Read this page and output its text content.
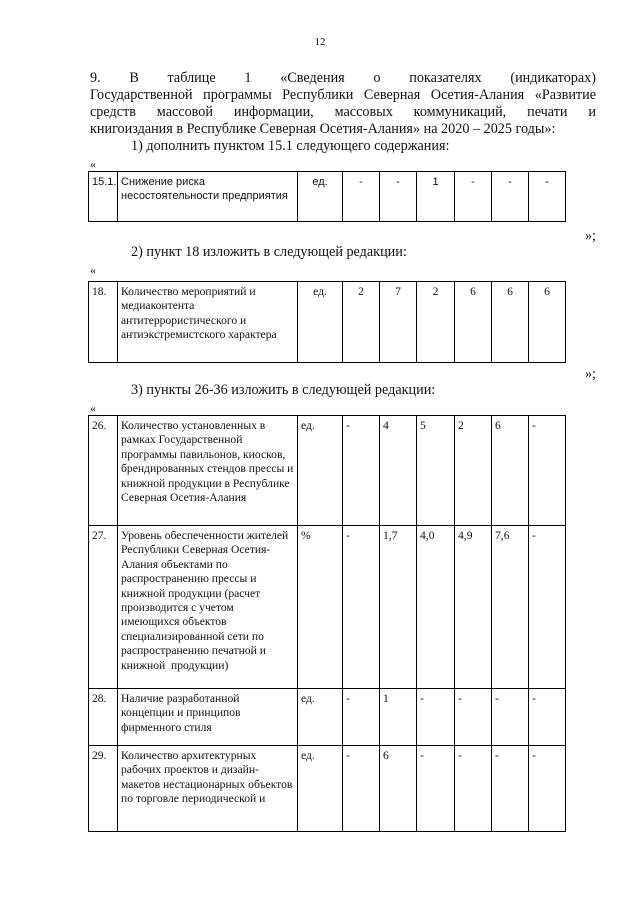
12
9.  В  таблице  1  «Сведения  о  показателях  (индикаторах)
Государственной программы Республики Северная Осетия-Алания «Развитие
средств  массовой  информации,  массовых  коммуникаций,  печати  и
книгоиздания в Республике Северная Осетия-Алания» на 2020 – 2025 годы»:
1) дополнить пунктом 15.1 следующего содержания:
«
15.1.	Снижение риска несостоятельности предприятия	ед.	-	-	1	-	-	-
»;
2) пункт 18 изложить в следующей редакции:
«
18.	Количество мероприятий и медиаконтента антитеррористического и антиэкстремистского характера	ед.	2	7	2	6	6	6
»;
3) пункты 26-36 изложить в следующей редакции:
«
26.	Количество установленных в рамках Государственной программы павильонов, киосков, брендированных стендов прессы и книжной продукции в Республике Северная Осетия-Алания	ед.	-	4	5	2	6	-
27.	Уровень обеспеченности жителей Республики Северная Осетия-Алания объектами по распространению прессы и книжной продукции (расчет производится с учетом имеющихся объектов специализированной сети по распространению печатной и книжной  продукции)	%	-	1,7	4,0	4,9	7,6	-
28.	Наличие разработанной концепции и принципов фирменного стиля	ед.	-	1	-	-	-	-
29.	Количество архитектурных рабочих проектов и дизайн-макетов нестационарных объектов по торговле периодической и	ед.	-	6	-	-	-	-
